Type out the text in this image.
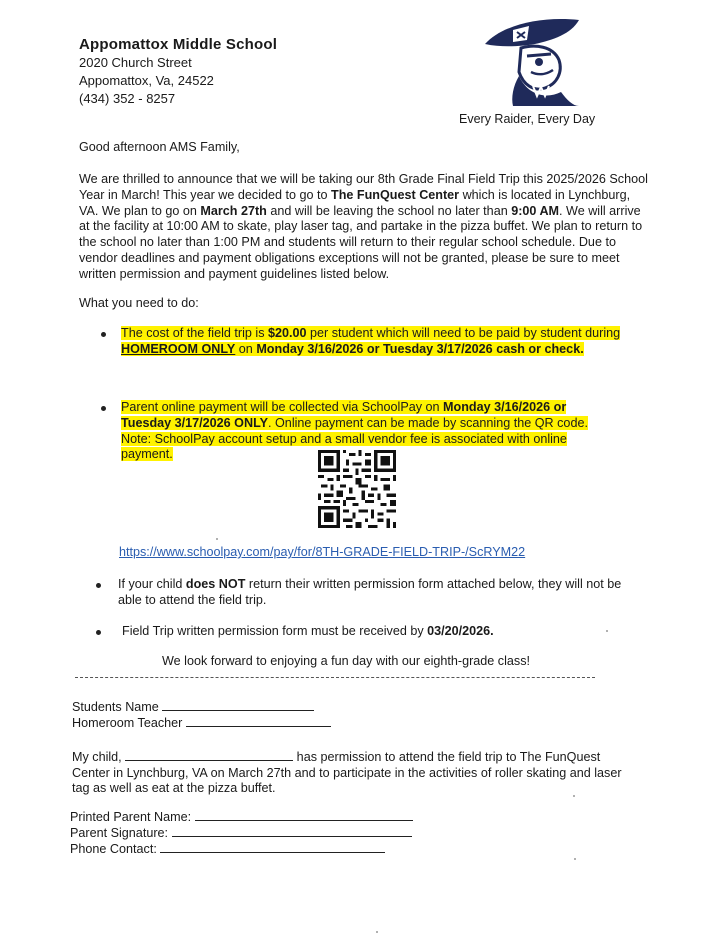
Appomattox Middle School
2020 Church Street
Appomattox, Va, 24522
(434) 352 - 8257
Every Raider, Every Day
Good afternoon AMS Family,
We are thrilled to announce that we will be taking our 8th Grade Final Field Trip this 2025/2026 School Year in March! This year we decided to go to The FunQuest Center which is located in Lynchburg, VA. We plan to go on March 27th and will be leaving the school no later than 9:00 AM. We will arrive at the facility at 10:00 AM to skate, play laser tag, and partake in the pizza buffet. We plan to return to the school no later than 1:00 PM and students will return to their regular school schedule. Due to vendor deadlines and payment obligations exceptions will not be granted, please be sure to meet written permission and payment guidelines listed below.
What you need to do:
The cost of the field trip is $20.00 per student which will need to be paid by student during HOMEROOM ONLY on Monday 3/16/2026 or Tuesday 3/17/2026 cash or check.
Parent online payment will be collected via SchoolPay on Monday 3/16/2026 or Tuesday 3/17/2026 ONLY. Online payment can be made by scanning the QR code. Note: SchoolPay account setup and a small vendor fee is associated with online payment.
https://www.schoolpay.com/pay/for/8TH-GRADE-FIELD-TRIP-/ScRYM22
If your child does NOT return their written permission form attached below, they will not be able to attend the field trip.
Field Trip written permission form must be received by 03/20/2026.
We look forward to enjoying a fun day with our eighth-grade class!
Students Name
Homeroom Teacher
My child,	has permission to attend the field trip to The FunQuest Center in Lynchburg, VA on March 27th and to participate in the activities of roller skating and laser tag as well as eat at the pizza buffet.
Printed Parent Name:
Parent Signature:
Phone Contact:
